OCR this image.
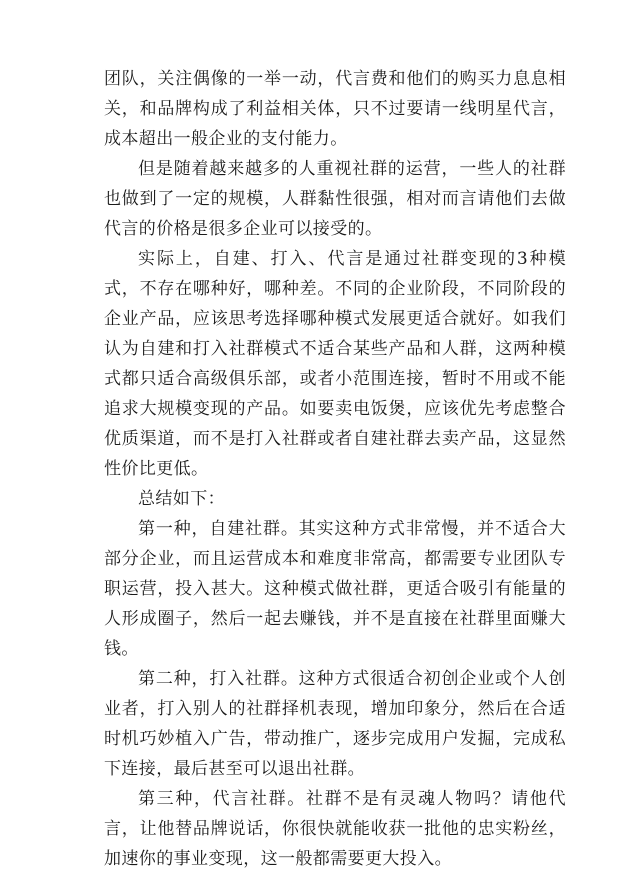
团队，关注偶像的一举一动，代言费和他们的购买力息息相关，和品牌构成了利益相关体，只不过要请一线明星代言，成本超出一般企业的支付能力。

但是随着越来越多的人重视社群的运营，一些人的社群也做到了一定的规模，人群黏性很强，相对而言请他们去做代言的价格是很多企业可以接受的。

实际上，自建、打入、代言是通过社群变现的3种模式，不存在哪种好，哪种差。不同的企业阶段，不同阶段的企业产品，应该思考选择哪种模式发展更适合就好。如我们认为自建和打入社群模式不适合某些产品和人群，这两种模式都只适合高级俱乐部，或者小范围连接，暂时不用或不能追求大规模变现的产品。如要卖电饭煲，应该优先考虑整合优质渠道，而不是打入社群或者自建社群去卖产品，这显然性价比更低。

总结如下：

第一种，自建社群。其实这种方式非常慢，并不适合大部分企业，而且运营成本和难度非常高，都需要专业团队专职运营，投入甚大。这种模式做社群，更适合吸引有能量的人形成圈子，然后一起去赚钱，并不是直接在社群里面赚大钱。

第二种，打入社群。这种方式很适合初创企业或个人创业者，打入别人的社群择机表现，增加印象分，然后在合适时机巧妙植入广告，带动推广，逐步完成用户发掘，完成私下连接，最后甚至可以退出社群。

第三种，代言社群。社群不是有灵魂人物吗？请他代言，让他替品牌说话，你很快就能收获一批他的忠实粉丝，加速你的事业变现，这一般都需要更大投入。
